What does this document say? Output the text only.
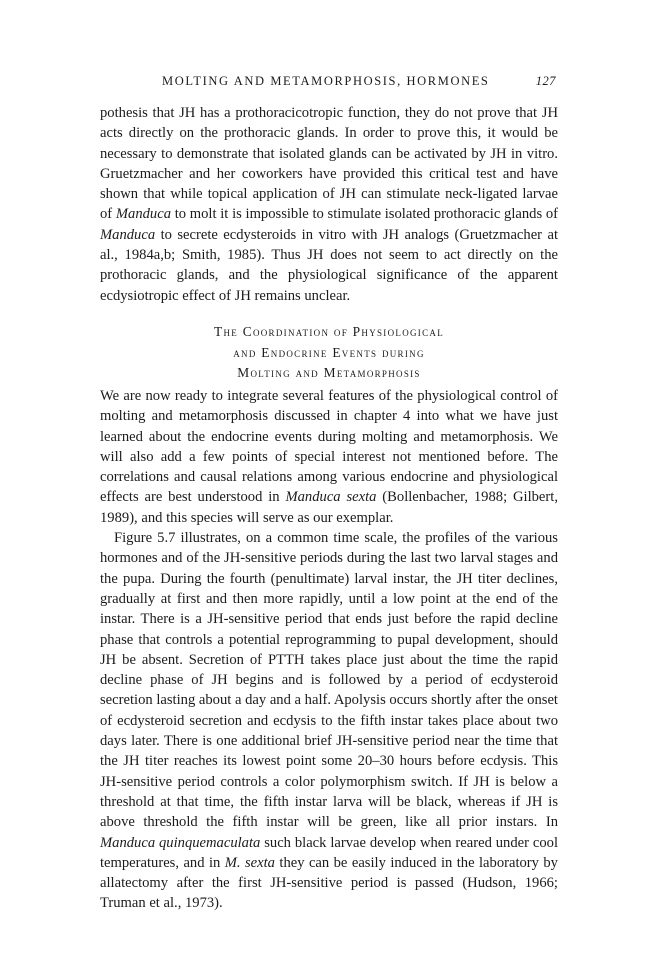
MOLTING AND METAMORPHOSIS, HORMONES	127

pothesis that JH has a prothoracicotropic function, they do not prove that JH acts directly on the prothoracic glands. In order to prove this, it would be necessary to demonstrate that isolated glands can be activated by JH in vitro. Gruetzmacher and her coworkers have provided this critical test and have shown that while topical application of JH can stimulate neck-ligated larvae of Manduca to molt it is impossible to stimulate isolated prothoracic glands of Manduca to secrete ecdysteroids in vitro with JH analogs (Gruetzmacher at al., 1984a,b; Smith, 1985). Thus JH does not seem to act directly on the prothoracic glands, and the physiological significance of the apparent ecdysiotropic effect of JH remains unclear.

The Coordination of Physiological
and Endocrine Events during
Molting and Metamorphosis

We are now ready to integrate several features of the physiological control of molting and metamorphosis discussed in chapter 4 into what we have just learned about the endocrine events during molting and metamorphosis. We will also add a few points of special interest not mentioned before. The correlations and causal relations among various endocrine and physiological effects are best understood in Manduca sexta (Bollenbacher, 1988; Gilbert, 1989), and this species will serve as our exemplar.

Figure 5.7 illustrates, on a common time scale, the profiles of the various hormones and of the JH-sensitive periods during the last two larval stages and the pupa. During the fourth (penultimate) larval instar, the JH titer declines, gradually at first and then more rapidly, until a low point at the end of the instar. There is a JH-sensitive period that ends just before the rapid decline phase that controls a potential reprogramming to pupal development, should JH be absent. Secretion of PTTH takes place just about the time the rapid decline phase of JH begins and is followed by a period of ecdysteroid secretion lasting about a day and a half. Apolysis occurs shortly after the onset of ecdysteroid secretion and ecdysis to the fifth instar takes place about two days later. There is one additional brief JH-sensitive period near the time that the JH titer reaches its lowest point some 20–30 hours before ecdysis. This JH-sensitive period controls a color polymorphism switch. If JH is below a threshold at that time, the fifth instar larva will be black, whereas if JH is above threshold the fifth instar will be green, like all prior instars. In Manduca quinquemaculata such black larvae develop when reared under cool temperatures, and in M. sexta they can be easily induced in the laboratory by allatectomy after the first JH-sensitive period is passed (Hudson, 1966; Truman et al., 1973).
